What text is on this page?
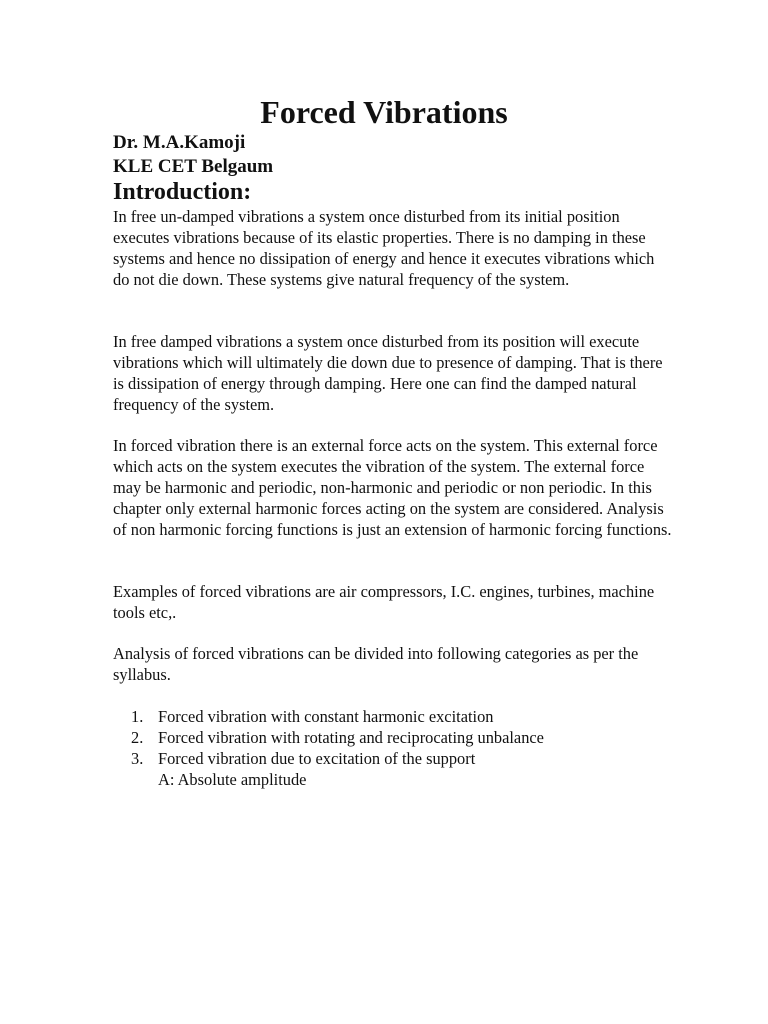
Forced Vibrations
Dr. M.A.Kamoji
KLE CET Belgaum
Introduction:

In free un-damped vibrations a system once disturbed from its initial position executes vibrations because of its elastic properties. There is no damping in these systems and hence no dissipation of energy and hence it executes vibrations which do not die down. These systems give natural frequency of the system.

In free damped vibrations a system once disturbed from its position will execute vibrations which will ultimately die down due to presence of damping. That is there is dissipation of energy through damping. Here one can find the damped natural frequency of the system.

In forced vibration there is an external force acts on the system. This external force which acts on the system executes the vibration of the system. The external force may be harmonic and periodic, non-harmonic and periodic or non periodic. In this chapter only external harmonic forces acting on the system are considered. Analysis of non harmonic forcing functions is just an extension of harmonic forcing functions.

Examples of forced vibrations are air compressors, I.C. engines, turbines, machine tools etc,.

Analysis of forced vibrations can be divided into following categories as per the syllabus.

1. Forced vibration with constant harmonic excitation
2. Forced vibration with rotating and reciprocating unbalance
3. Forced vibration due to excitation of the support
A: Absolute amplitude
